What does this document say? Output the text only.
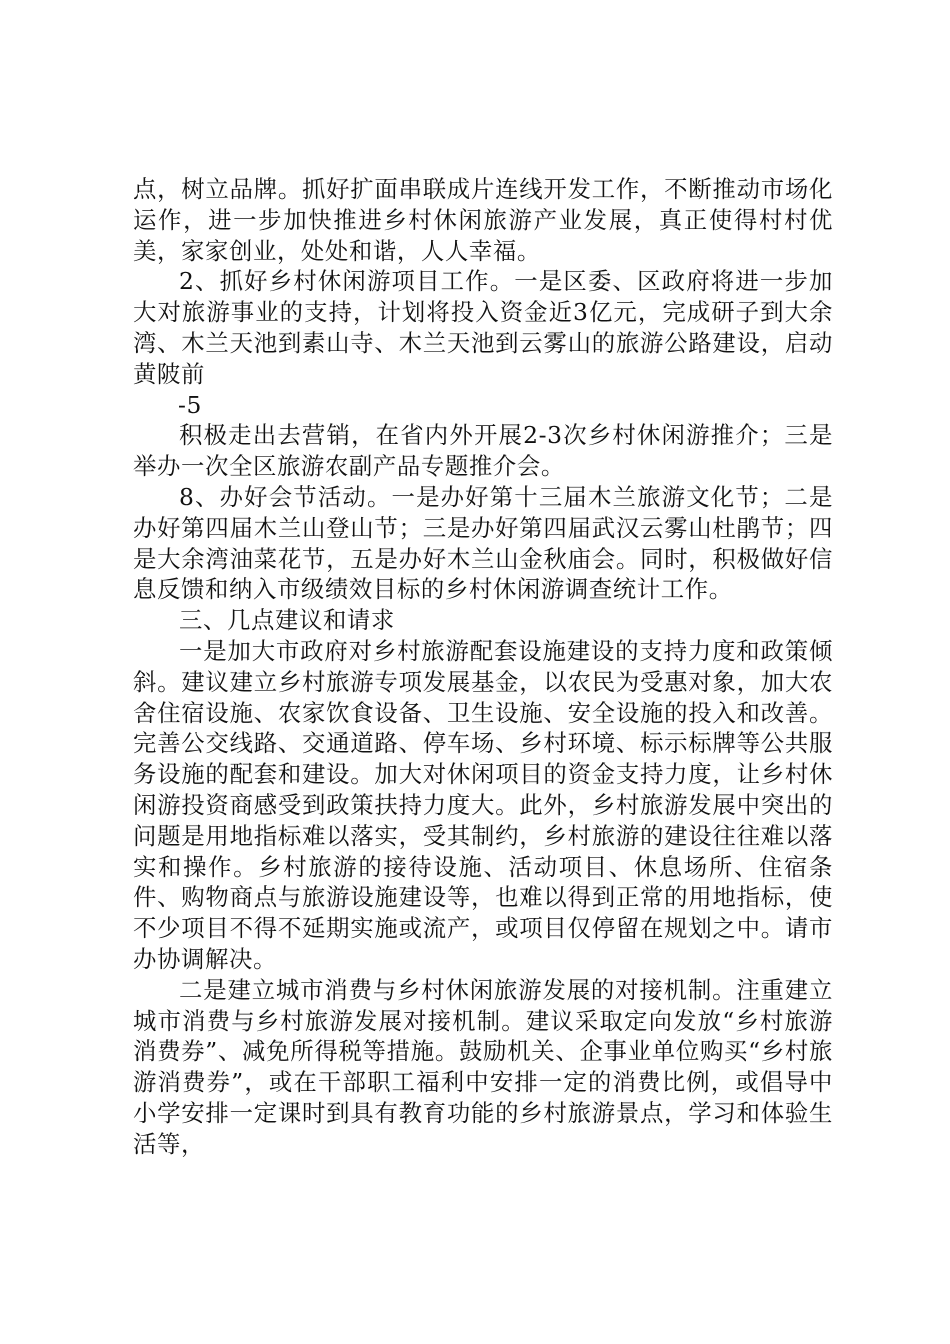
点，树立品牌。抓好扩面串联成片连线开发工作，不断推动市场化运作，进一步加快推进乡村休闲旅游产业发展，真正使得村村优美，家家创业，处处和谐，人人幸福。

2、抓好乡村休闲游项目工作。一是区委、区政府将进一步加大对旅游事业的支持，计划将投入资金近3亿元，完成研子到大余湾、木兰天池到素山寺、木兰天池到云雾山的旅游公路建设，启动黄陂前

-5

积极走出去营销，在省内外开展2-3次乡村休闲游推介；三是举办一次全区旅游农副产品专题推介会。

8、办好会节活动。一是办好第十三届木兰旅游文化节；二是办好第四届木兰山登山节；三是办好第四届武汉云雾山杜鹃节；四是大余湾油菜花节，五是办好木兰山金秋庙会。同时，积极做好信息反馈和纳入市级绩效目标的乡村休闲游调查统计工作。

三、几点建议和请求

一是加大市政府对乡村旅游配套设施建设的支持力度和政策倾斜。建议建立乡村旅游专项发展基金，以农民为受惠对象，加大农舍住宿设施、农家饮食设备、卫生设施、安全设施的投入和改善。完善公交线路、交通道路、停车场、乡村环境、标示标牌等公共服务设施的配套和建设。加大对休闲项目的资金支持力度，让乡村休闲游投资商感受到政策扶持力度大。此外，乡村旅游发展中突出的问题是用地指标难以落实，受其制约，乡村旅游的建设往往难以落实和操作。乡村旅游的接待设施、活动项目、休息场所、住宿条件、购物商点与旅游设施建设等，也难以得到正常的用地指标，使不少项目不得不延期实施或流产，或项目仅停留在规划之中。请市办协调解决。

二是建立城市消费与乡村休闲旅游发展的对接机制。注重建立城市消费与乡村旅游发展对接机制。建议采取定向发放“乡村旅游消费券”、减免所得税等措施。鼓励机关、企事业单位购买“乡村旅游消费券”，或在干部职工福利中安排一定的消费比例，或倡导中小学安排一定课时到具有教育功能的乡村旅游景点，学习和体验生活等，
